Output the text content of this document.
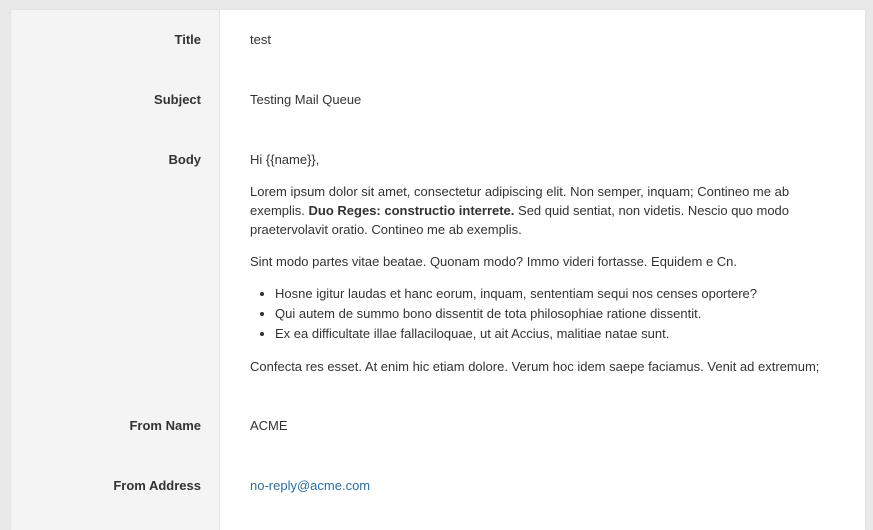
Title	test
Subject	Testing Mail Queue
Body	Hi {{name}},

Lorem ipsum dolor sit amet, consectetur adipiscing elit. Non semper, inquam; Contineo me ab exemplis. Duo Reges: constructio interrete. Sed quid sentiat, non videtis. Nescio quo modo praetervolavit oratio. Contineo me ab exemplis.

Sint modo partes vitae beatae. Quonam modo? Immo videri fortasse. Equidem e Cn.

• Hosne igitur laudas et hanc eorum, inquam, sententiam sequi nos censes oportere?
• Qui autem de summo bono dissentit de tota philosophiae ratione dissentit.
• Ex ea difficultate illae fallaciloquae, ut ait Accius, malitiae natae sunt.

Confecta res esset. At enim hic etiam dolore. Verum hoc idem saepe faciamus. Venit ad extremum;

From Name	ACME
From Address	no-reply@acme.com
